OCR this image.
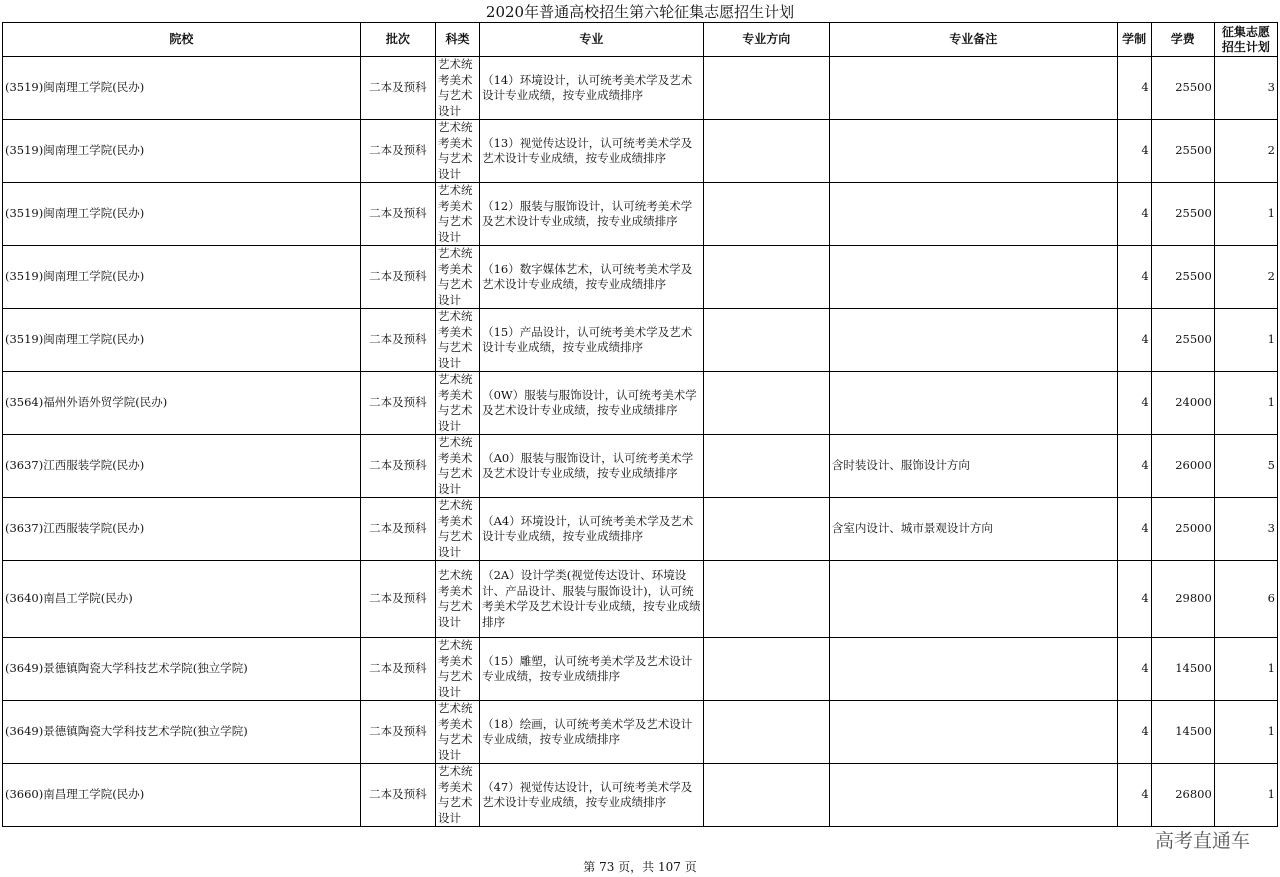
2020年普通高校招生第六轮征集志愿招生计划
院校	批次	科类	专业	专业方向	专业备注	学制	学费	征集志愿招生计划
(3519)闽南理工学院(民办)	二本及预科	艺术统考美术与艺术设计	（14）环境设计，认可统考美术学及艺术设计专业成绩，按专业成绩排序			4	25500	3
(3519)闽南理工学院(民办)	二本及预科	艺术统考美术与艺术设计	（13）视觉传达设计，认可统考美术学及艺术设计专业成绩，按专业成绩排序			4	25500	2
(3519)闽南理工学院(民办)	二本及预科	艺术统考美术与艺术设计	（12）服装与服饰设计，认可统考美术学及艺术设计专业成绩，按专业成绩排序			4	25500	1
(3519)闽南理工学院(民办)	二本及预科	艺术统考美术与艺术设计	（16）数字媒体艺术，认可统考美术学及艺术设计专业成绩，按专业成绩排序			4	25500	2
(3519)闽南理工学院(民办)	二本及预科	艺术统考美术与艺术设计	（15）产品设计，认可统考美术学及艺术设计专业成绩，按专业成绩排序			4	25500	1
(3564)福州外语外贸学院(民办)	二本及预科	艺术统考美术与艺术设计	（0W）服装与服饰设计，认可统考美术学及艺术设计专业成绩，按专业成绩排序			4	24000	1
(3637)江西服装学院(民办)	二本及预科	艺术统考美术与艺术设计	（A0）服装与服饰设计，认可统考美术学及艺术设计专业成绩，按专业成绩排序		含时装设计、服饰设计方向	4	26000	5
(3637)江西服装学院(民办)	二本及预科	艺术统考美术与艺术设计	（A4）环境设计，认可统考美术学及艺术设计专业成绩，按专业成绩排序		含室内设计、城市景观设计方向	4	25000	3
(3640)南昌工学院(民办)	二本及预科	艺术统考美术与艺术设计	（2A）设计学类(视觉传达设计、环境设计、产品设计、服装与服饰设计)，认可统考美术学及艺术设计专业成绩，按专业成绩排序			4	29800	6
(3649)景德镇陶瓷大学科技艺术学院(独立学院)	二本及预科	艺术统考美术与艺术设计	（15）雕塑，认可统考美术学及艺术设计专业成绩，按专业成绩排序			4	14500	1
(3649)景德镇陶瓷大学科技艺术学院(独立学院)	二本及预科	艺术统考美术与艺术设计	（18）绘画，认可统考美术学及艺术设计专业成绩，按专业成绩排序			4	14500	1
(3660)南昌理工学院(民办)	二本及预科	艺术统考美术与艺术设计	（47）视觉传达设计，认可统考美术学及艺术设计专业成绩，按专业成绩排序			4	26800	1
高考直通车
第 73 页，共 107 页
